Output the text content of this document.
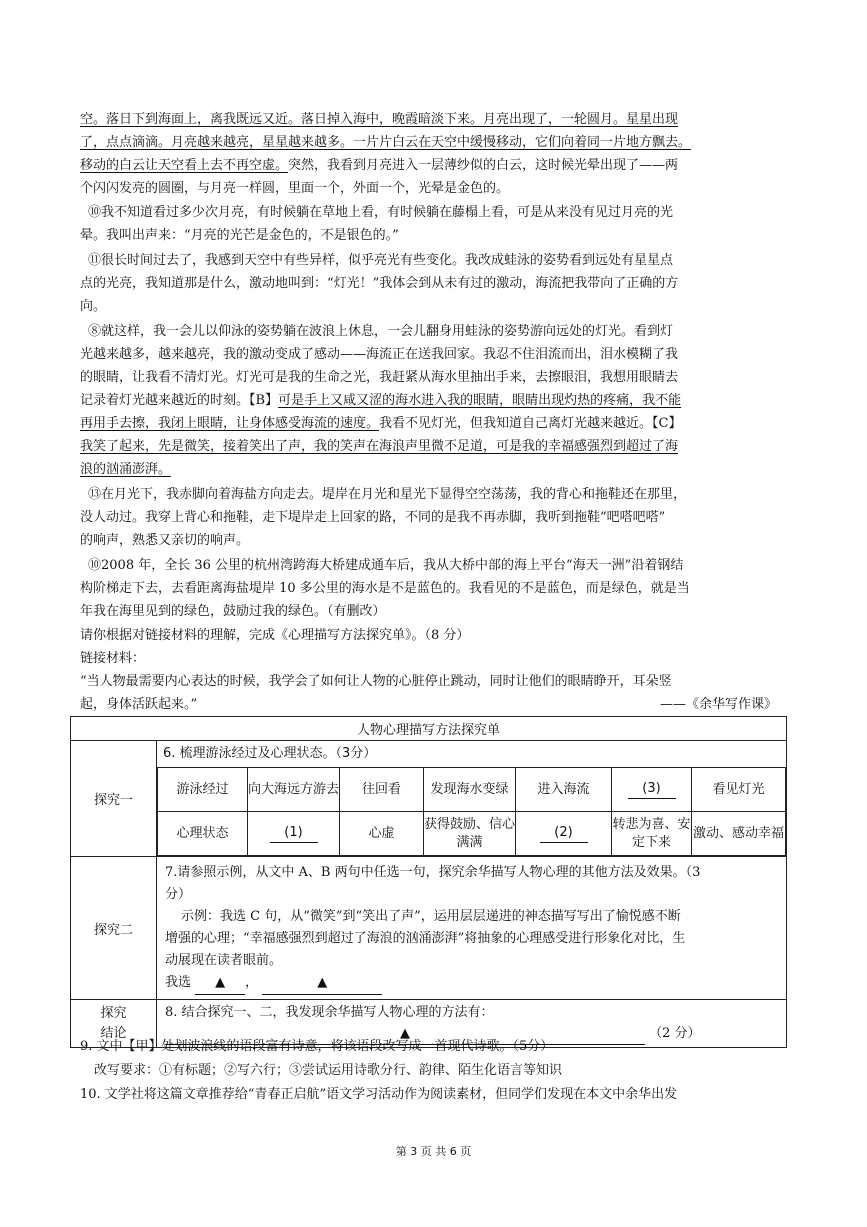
空。落日下到海面上，离我既远又近。落日掉入海中，晚霞暗淡下来。月亮出现了，一轮圆月。星星出现
了，点点滴滴。月亮越来越亮，星星越来越多。一片片白云在天空中缓慢移动，它们向着同一片地方飘去。
移动的白云让天空看上去不再空虚。突然，我看到月亮进入一层薄纱似的白云，这时候光晕出现了——两
个闪闪发亮的圆圈，与月亮一样圆，里面一个，外面一个，光晕是金色的。
⑩我不知道看过多少次月亮，有时候躺在草地上看，有时候躺在藤榻上看，可是从来没有见过月亮的光
晕。我叫出声来：“月亮的光芒是金色的，不是银色的。”
⑪很长时间过去了，我感到天空中有些异样，似乎亮光有些变化。我改成蛙泳的姿势看到远处有星星点
点的光亮，我知道那是什么，激动地叫到：“灯光！”我体会到从未有过的激动，海流把我带向了正确的方
向。
⑧就这样，我一会儿以仰泳的姿势躺在波浪上休息，一会儿翻身用蛙泳的姿势游向远处的灯光。看到灯
光越来越多，越来越亮，我的激动变成了感动——海流正在送我回家。我忍不住泪流而出，泪水模糊了我
的眼睛，让我看不清灯光。灯光可是我的生命之光，我赶紧从海水里抽出手来，去擦眼泪，我想用眼睛去
记录着灯光越来越近的时刻。【B】可是手上又咸又涩的海水进入我的眼睛，眼睛出现灼热的疼痛，我不能
再用手去擦，我闭上眼睛，让身体感受海流的速度。我看不见灯光，但我知道自己离灯光越来越近。【C】
我笑了起来，先是微笑，接着笑出了声，我的笑声在海浪声里微不足道，可是我的幸福感强烈到超过了海
浪的汹涌澎湃。
⑬在月光下，我赤脚向着海盐方向走去。堤岸在月光和星光下显得空空荡荡，我的背心和拖鞋还在那里，
没人动过。我穿上背心和拖鞋，走下堤岸走上回家的路，不同的是我不再赤脚，我听到拖鞋“吧嗒吧嗒”
的响声，熟悉又亲切的响声。
⑩2008 年，全长 36 公里的杭州湾跨海大桥建成通车后，我从大桥中部的海上平台“海天一洲”沿着钢结
构阶梯走下去，去看距离海盐堤岸 10 多公里的海水是不是蓝色的。我看见的不是蓝色，而是绿色，就是当
年我在海里见到的绿色，鼓励过我的绿色。（有删改）
请你根据对链接材料的理解，完成《心理描写方法探究单》。（8 分）
链接材料：
“当人物最需要内心表达的时候，我学会了如何让人物的心脏停止跳动，同时让他们的眼睛睁开，耳朵竖
起，身体活跃起来。”	——《余华写作课》
人物心理描写方法探究单
探究一	
6. 梳理游泳经过及心理状态。（3分）
游泳经过	向大海远方游去	往回看	发现海水变绿	进入海流	(3)	看见灯光
心理状态	(1)	心虚	获得鼓励、信心满满	(2)	转悲为喜、安定下来	激动、感动幸福

探究二	
7.请参照示例，从文中 A、B 两句中任选一句，探究余华描写人物心理的其他方法及效果。（3
分）
示例：我选 C 句，从“微笑”到“笑出了声”，运用层层递进的神态描写写出了愉悦感不断
增强的心理；“幸福感强烈到超过了海浪的汹涌澎湃”将抽象的心理感受进行形象化对比，生
动展现在读者眼前。
我选 ▲ ，	▲

探究
结论

8. 结合探究一、二，我发现余华描写人物心理的方法有：
▲	（2 分）
9. 文中【甲】处划波浪线的语段富有诗意，将该语段改写成一首现代诗歌。（5分）
改写要求：①有标题；②写六行；③尝试运用诗歌分行、韵律、陌生化语言等知识
10. 文学社将这篇文章推荐给“青春正启航”语文学习活动作为阅读素材，但同学们发现在本文中余华出发
第 3 页 共 6 页
